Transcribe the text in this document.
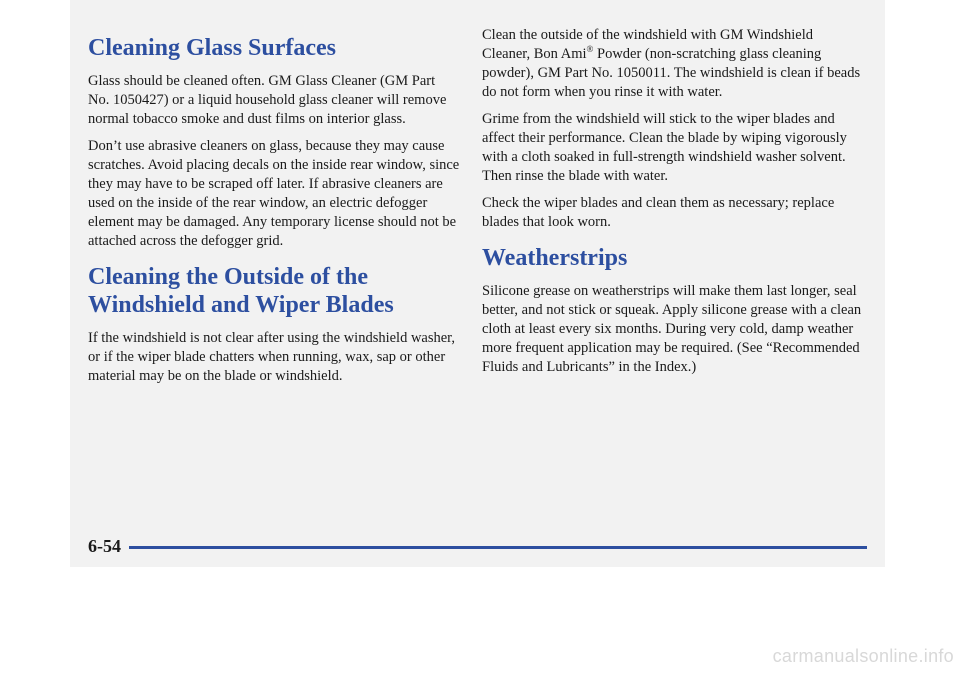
Cleaning Glass Surfaces

Glass should be cleaned often. GM Glass Cleaner (GM Part No. 1050427) or a liquid household glass cleaner will remove normal tobacco smoke and dust films on interior glass.

Don’t use abrasive cleaners on glass, because they may cause scratches. Avoid placing decals on the inside rear window, since they may have to be scraped off later. If abrasive cleaners are used on the inside of the rear window, an electric defogger element may be damaged. Any temporary license should not be attached across the defogger grid.

Cleaning the Outside of the
Windshield and Wiper Blades

If the windshield is not clear after using the windshield washer, or if the wiper blade chatters when running, wax, sap or other material may be on the blade or windshield.

Clean the outside of the windshield with GM Windshield Cleaner, Bon Ami® Powder (non-scratching glass cleaning powder), GM Part No. 1050011. The windshield is clean if beads do not form when you rinse it with water.

Grime from the windshield will stick to the wiper blades and affect their performance. Clean the blade by wiping vigorously with a cloth soaked in full-strength windshield washer solvent. Then rinse the blade with water.

Check the wiper blades and clean them as necessary; replace blades that look worn.

Weatherstrips

Silicone grease on weatherstrips will make them last longer, seal better, and not stick or squeak. Apply silicone grease with a clean cloth at least every six months. During very cold, damp weather more frequent application may be required. (See “Recommended Fluids and Lubricants” in the Index.)

6-54
carmanualsonline.info
